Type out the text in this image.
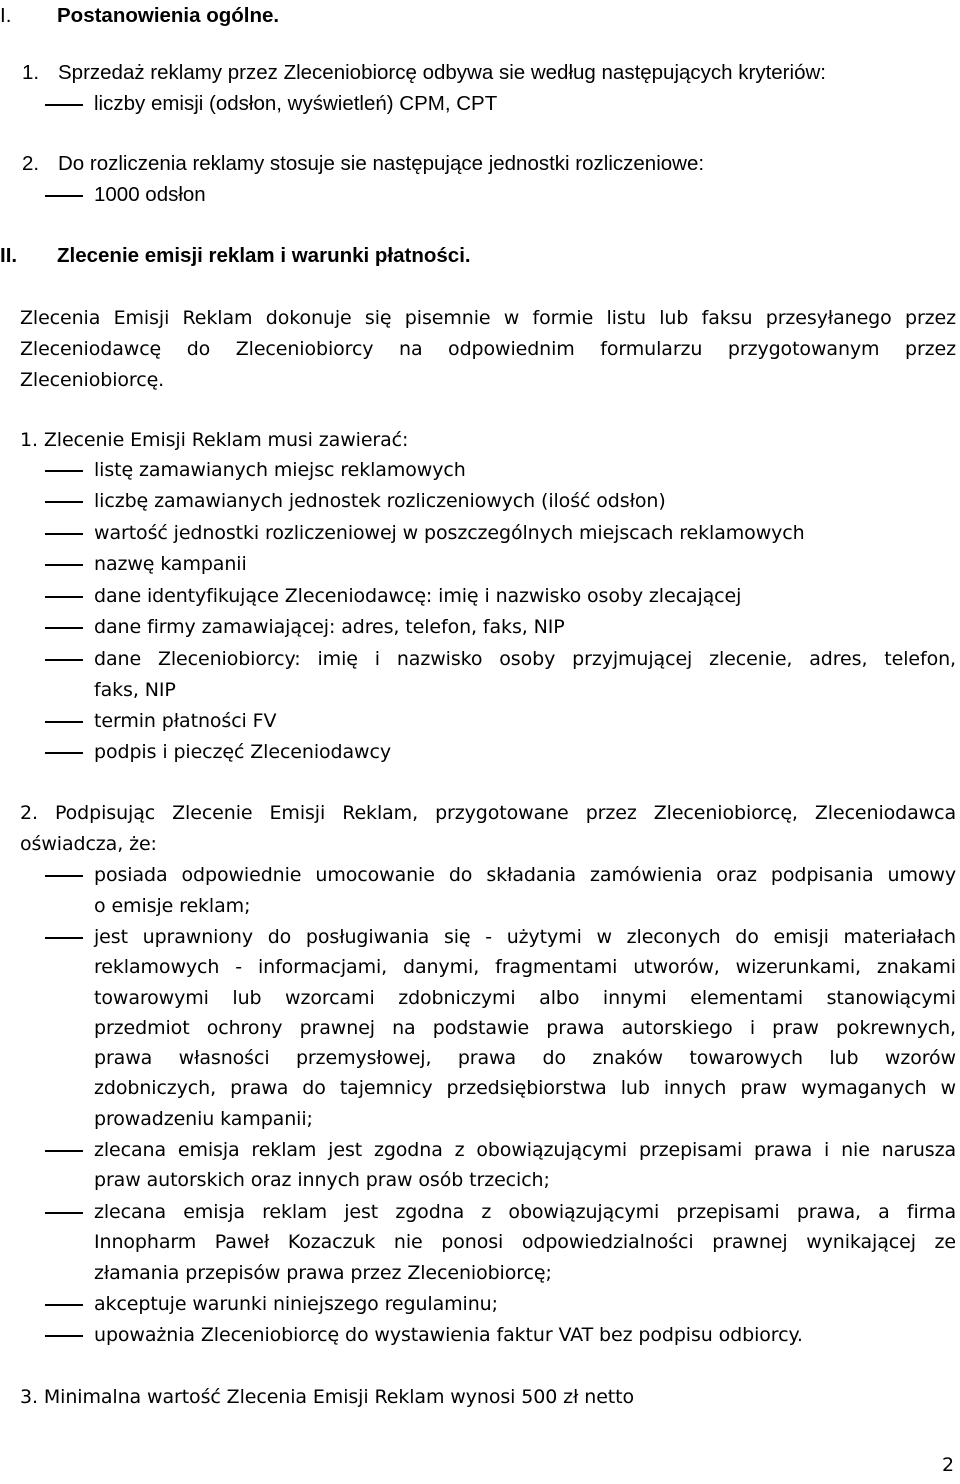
I. Postanowienia ogólne.
1. Sprzedaż reklamy przez Zleceniobiorcę odbywa sie według następujących kryteriów:
liczby emisji (odsłon, wyświetleń) CPM, CPT
2. Do rozliczenia reklamy stosuje sie następujące jednostki rozliczeniowe:
1000 odsłon
II. Zlecenie emisji reklam i warunki płatności.
Zlecenia Emisji Reklam dokonuje się pisemnie w formie listu lub faksu przesyłanego przez
Zleceniodawcę do Zleceniobiorcy na odpowiednim formularzu przygotowanym przez
Zleceniobiorcę.
1. Zlecenie Emisji Reklam musi zawierać:
listę zamawianych miejsc reklamowych
liczbę zamawianych jednostek rozliczeniowych (ilość odsłon)
wartość jednostki rozliczeniowej w poszczególnych miejscach reklamowych
nazwę kampanii
dane identyfikujące Zleceniodawcę: imię i nazwisko osoby zlecającej
dane firmy zamawiającej: adres, telefon, faks, NIP
dane Zleceniobiorcy: imię i nazwisko osoby przyjmującej zlecenie, adres, telefon,
faks, NIP
termin płatności FV
podpis i pieczęć Zleceniodawcy
2. Podpisując Zlecenie Emisji Reklam, przygotowane przez Zleceniobiorcę, Zleceniodawca
oświadcza, że:
posiada odpowiednie umocowanie do składania zamówienia oraz podpisania umowy
o emisje reklam;
jest uprawniony do posługiwania się - użytymi w zleconych do emisji materiałach
reklamowych - informacjami, danymi, fragmentami utworów, wizerunkami, znakami
towarowymi lub wzorcami zdobniczymi albo innymi elementami stanowiącymi
przedmiot ochrony prawnej na podstawie prawa autorskiego i praw pokrewnych,
prawa własności przemysłowej, prawa do znaków towarowych lub wzorów
zdobniczych, prawa do tajemnicy przedsiębiorstwa lub innych praw wymaganych w
prowadzeniu kampanii;
zlecana emisja reklam jest zgodna z obowiązującymi przepisami prawa i nie narusza
praw autorskich oraz innych praw osób trzecich;
zlecana emisja reklam jest zgodna z obowiązującymi przepisami prawa, a firma
Innopharm Paweł Kozaczuk nie ponosi odpowiedzialności prawnej wynikającej ze
złamania przepisów prawa przez Zleceniobiorcę;
akceptuje warunki niniejszego regulaminu;
upoważnia Zleceniobiorcę do wystawienia faktur VAT bez podpisu odbiorcy.
3. Minimalna wartość Zlecenia Emisji Reklam wynosi 500 zł netto
2
